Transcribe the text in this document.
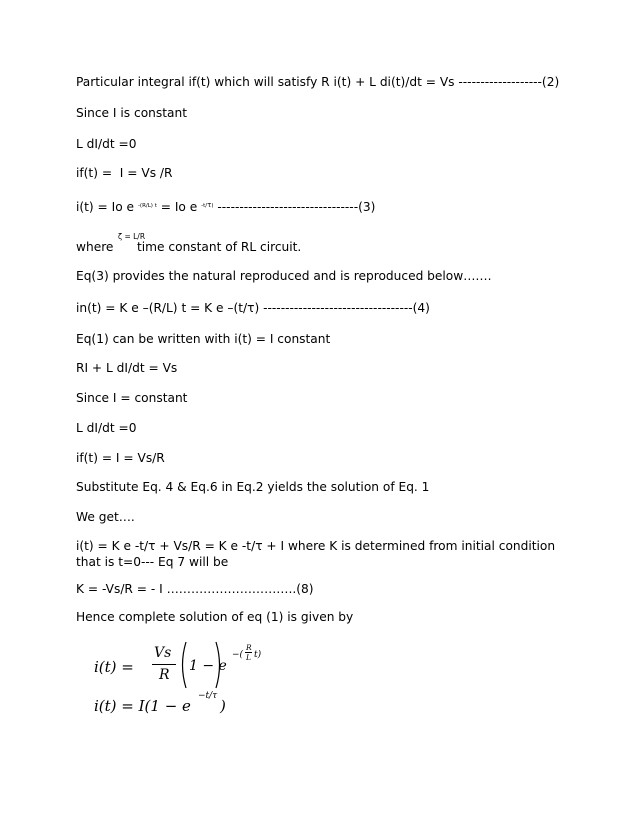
Particular integral if(t) which will satisfy R i(t) + L di(t)/dt = Vs -------------------(2)
Since I is constant
L dI/dt =0
if(t) =  I = Vs /R
i(t) = Io e $^{-(R/L) t}$ = Io e $^{-t/\tau)}$ --------------------------------(3)
where
ζ = L/R
time constant of RL circuit.
Eq(3) provides the natural reproduced and is reproduced below…….
in(t) = K e –(R/L) t = K e –(t/τ) ----------------------------------(4)
Eq(1) can be written with i(t) = I constant
RI + L dI/dt = Vs
Since I = constant
L dI/dt =0
if(t) = I = Vs/R
Substitute Eq. 4 & Eq.6 in Eq.2 yields the solution of Eq. 1
We get….
i(t) = K e -t/τ + Vs/R = K e -t/τ + I where K is determined from initial condition that is t=0--- Eq 7 will be
K = -Vs/R = - I …………………………..(8)
Hence complete solution of eq (1) is given by
i(t) =
Vs
R
1 − e
−(
R
L t)
i(t) = I(1 − e
−t/τ
)
